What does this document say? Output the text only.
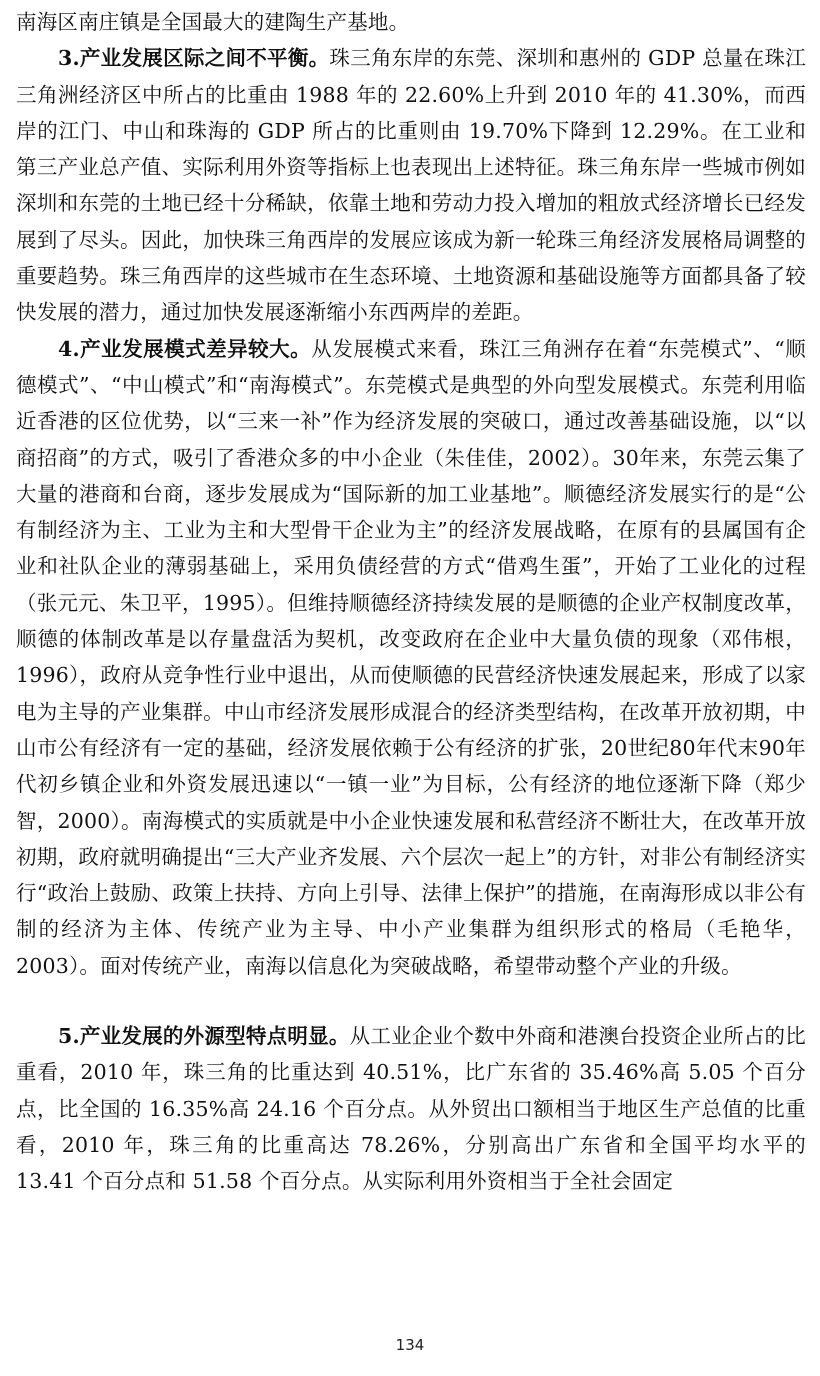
南海区南庄镇是全国最大的建陶生产基地。

3.产业发展区际之间不平衡。珠三角东岸的东莞、深圳和惠州的 GDP 总量在珠江三角洲经济区中所占的比重由 1988 年的 22.60%上升到 2010 年的 41.30%，而西岸的江门、中山和珠海的 GDP 所占的比重则由 19.70%下降到 12.29%。在工业和第三产业总产值、实际利用外资等指标上也表现出上述特征。珠三角东岸一些城市例如深圳和东莞的土地已经十分稀缺，依靠土地和劳动力投入增加的粗放式经济增长已经发展到了尽头。因此，加快珠三角西岸的发展应该成为新一轮珠三角经济发展格局调整的重要趋势。珠三角西岸的这些城市在生态环境、土地资源和基础设施等方面都具备了较快发展的潜力，通过加快发展逐渐缩小东西两岸的差距。

4.产业发展模式差异较大。从发展模式来看，珠江三角洲存在着“东莞模式”、“顺德模式”、“中山模式”和“南海模式”。东莞模式是典型的外向型发展模式。东莞利用临近香港的区位优势，以“三来一补”作为经济发展的突破口，通过改善基础设施，以“以商招商”的方式，吸引了香港众多的中小企业（朱佳佳，2002）。30年来，东莞云集了大量的港商和台商，逐步发展成为“国际新的加工业基地”。顺德经济发展实行的是“公有制经济为主、工业为主和大型骨干企业为主”的经济发展战略，在原有的县属国有企业和社队企业的薄弱基础上，采用负债经营的方式“借鸡生蛋”，开始了工业化的过程（张元元、朱卫平，1995）。但维持顺德经济持续发展的是顺德的企业产权制度改革，顺德的体制改革是以存量盘活为契机，改变政府在企业中大量负债的现象（邓伟根，1996），政府从竞争性行业中退出，从而使顺德的民营经济快速发展起来，形成了以家电为主导的产业集群。中山市经济发展形成混合的经济类型结构，在改革开放初期，中山市公有经济有一定的基础，经济发展依赖于公有经济的扩张，20世纪80年代末90年代初乡镇企业和外资发展迅速以“一镇一业”为目标，公有经济的地位逐渐下降（郑少智，2000）。南海模式的实质就是中小企业快速发展和私营经济不断壮大，在改革开放初期，政府就明确提出“三大产业齐发展、六个层次一起上”的方针，对非公有制经济实行“政治上鼓励、政策上扶持、方向上引导、法律上保护”的措施，在南海形成以非公有制的经济为主体、传统产业为主导、中小产业集群为组织形式的格局（毛艳华，2003）。面对传统产业，南海以信息化为突破战略，希望带动整个产业的升级。

5.产业发展的外源型特点明显。从工业企业个数中外商和港澳台投资企业所占的比重看，2010 年，珠三角的比重达到 40.51%，比广东省的 35.46%高 5.05 个百分点，比全国的 16.35%高 24.16 个百分点。从外贸出口额相当于地区生产总值的比重看，2010 年，珠三角的比重高达 78.26%，分别高出广东省和全国平均水平的 13.41 个百分点和 51.58 个百分点。从实际利用外资相当于全社会固定

134
